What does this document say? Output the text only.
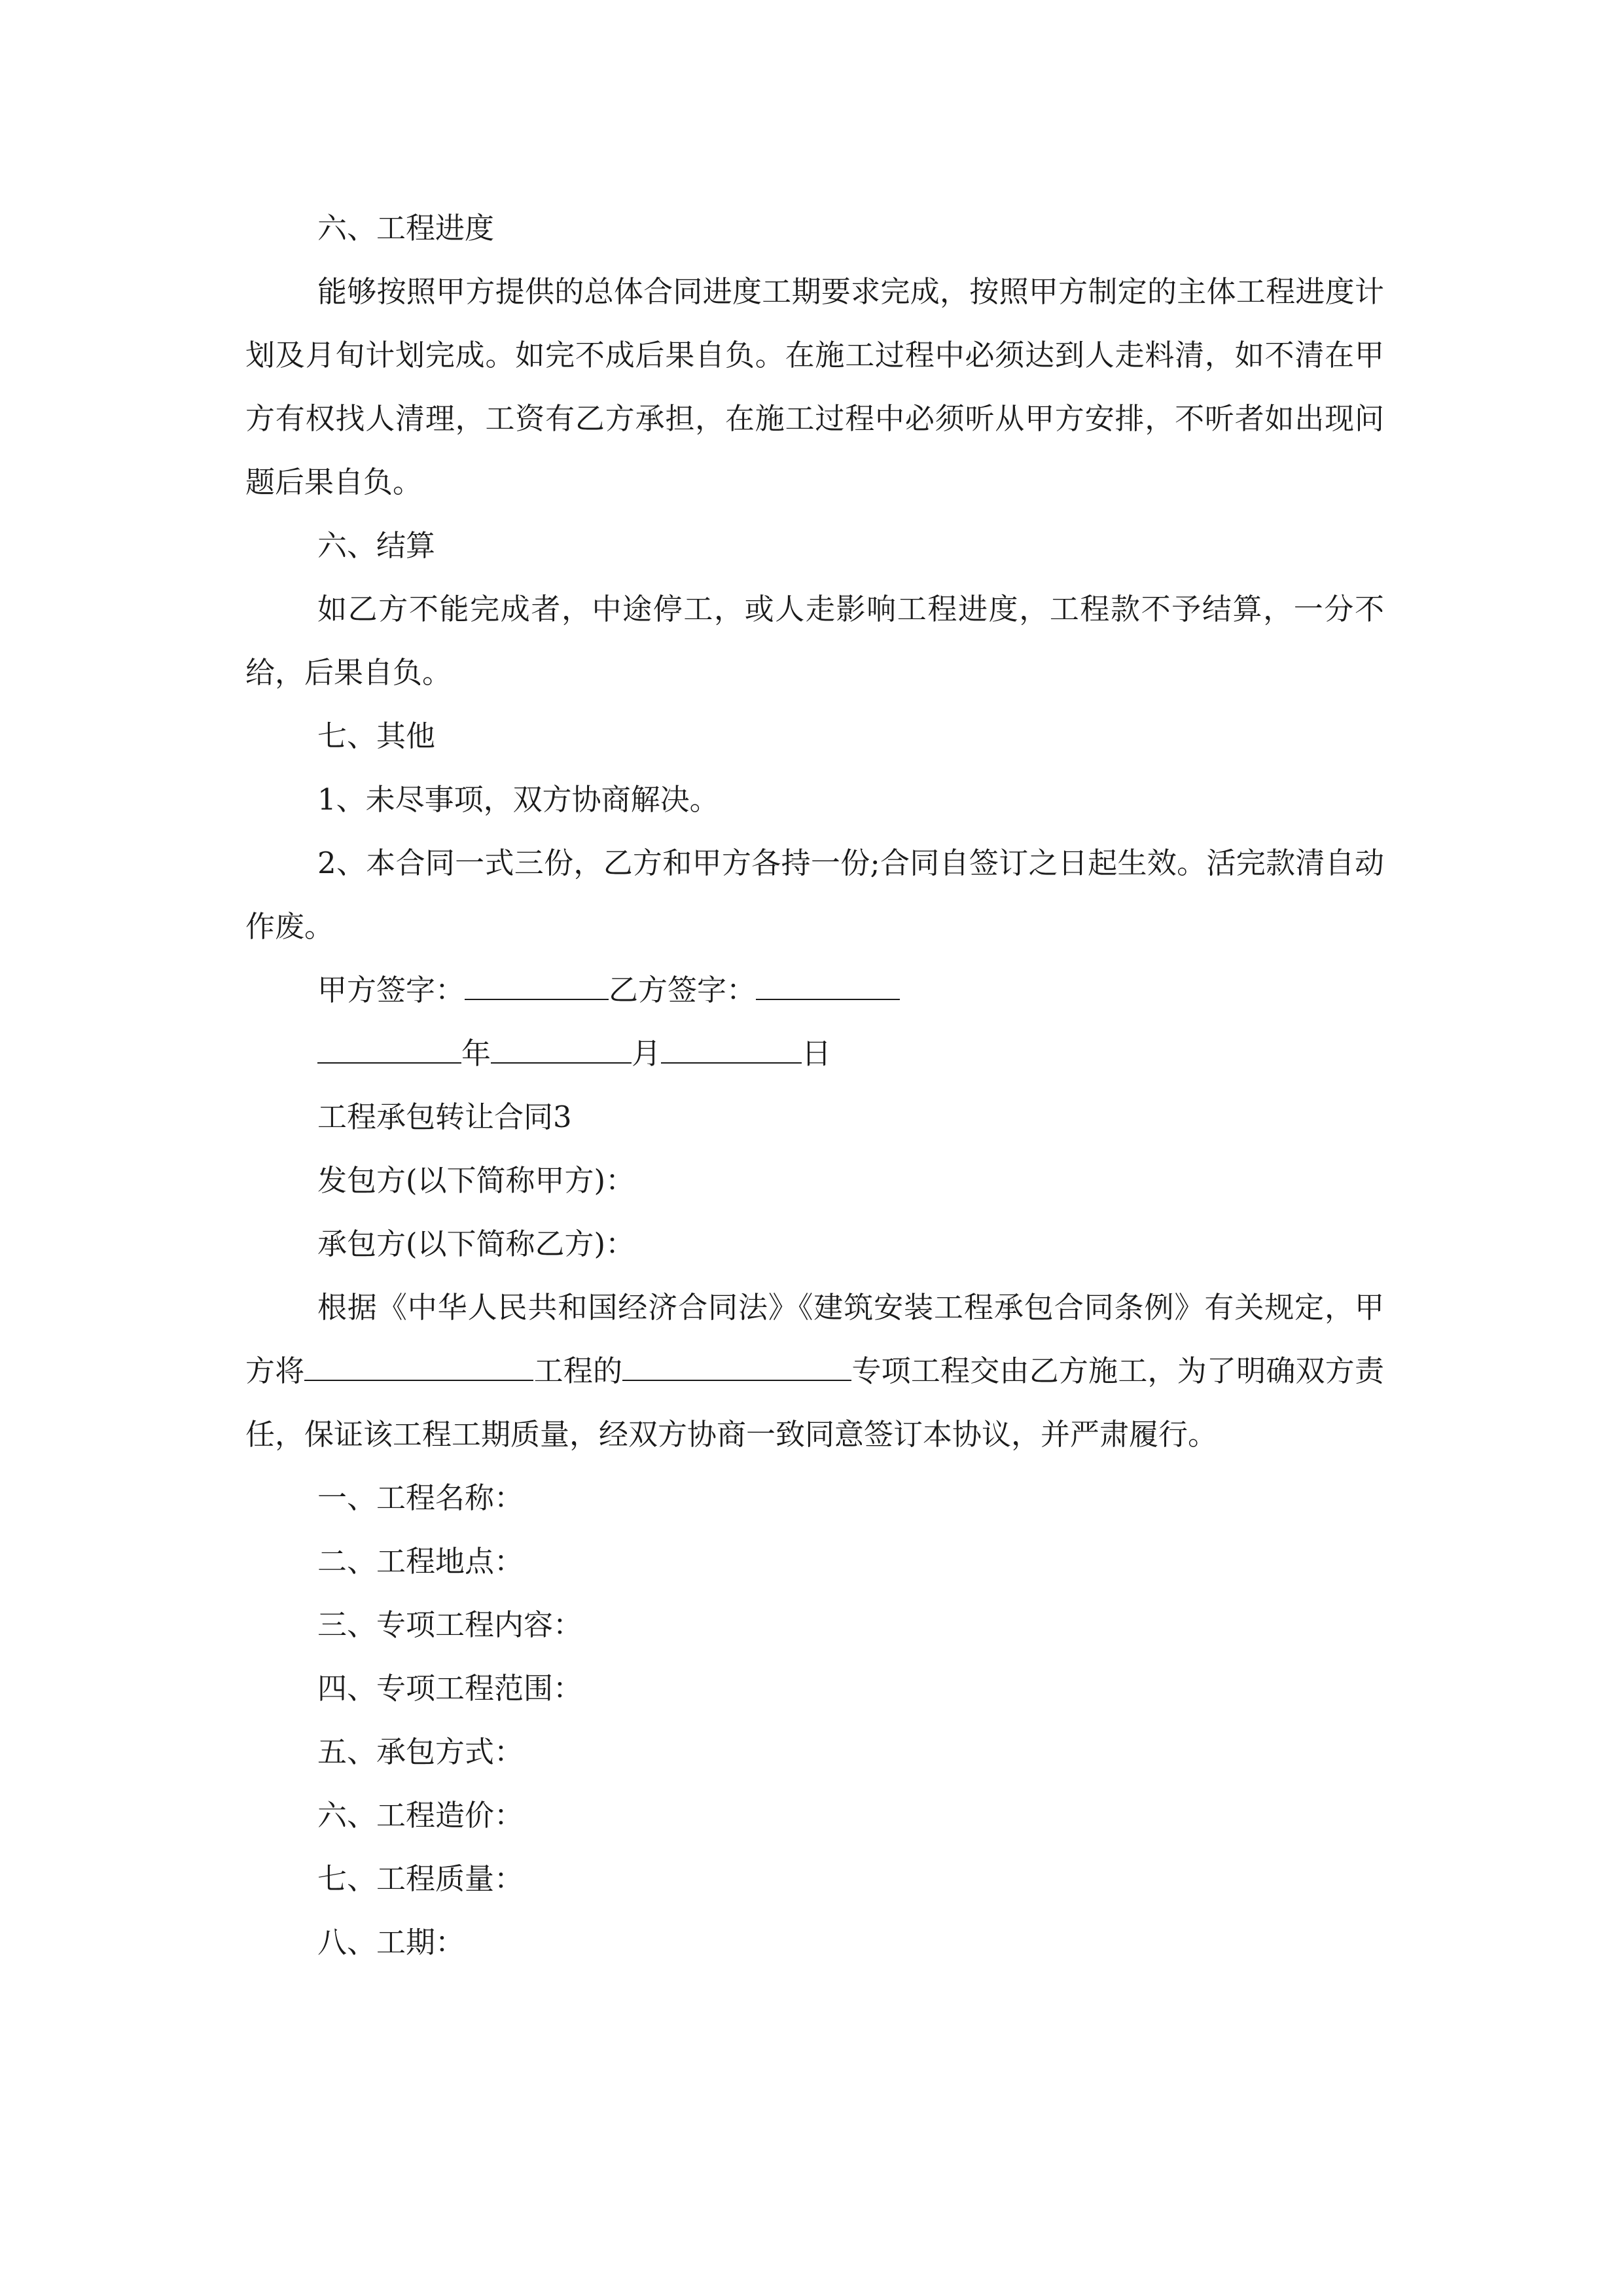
六、工程进度

能够按照甲方提供的总体合同进度工期要求完成，按照甲方制定的主体工程进度计划及月旬计划完成。如完不成后果自负。在施工过程中必须达到人走料清，如不清在甲方有权找人清理，工资有乙方承担，在施工过程中必须听从甲方安排，不听者如出现问题后果自负。

六、结算

如乙方不能完成者，中途停工，或人走影响工程进度，工程款不予结算，一分不给，后果自负。

七、其他

1、未尽事项，双方协商解决。

2、本合同一式三份，乙方和甲方各持一份;合同自签订之日起生效。活完款清自动作废。

甲方签字：	乙方签字：

年	月	日

工程承包转让合同3

发包方(以下简称甲方)：

承包方(以下简称乙方)：

根据《中华人民共和国经济合同法》《建筑安装工程承包合同条例》有关规定，甲方将	工程的	专项工程交由乙方施工，为了明确双方责任，保证该工程工期质量，经双方协商一致同意签订本协议，并严肃履行。

一、工程名称：

二、工程地点：

三、专项工程内容：

四、专项工程范围：

五、承包方式：

六、工程造价：

七、工程质量：

八、工期：
